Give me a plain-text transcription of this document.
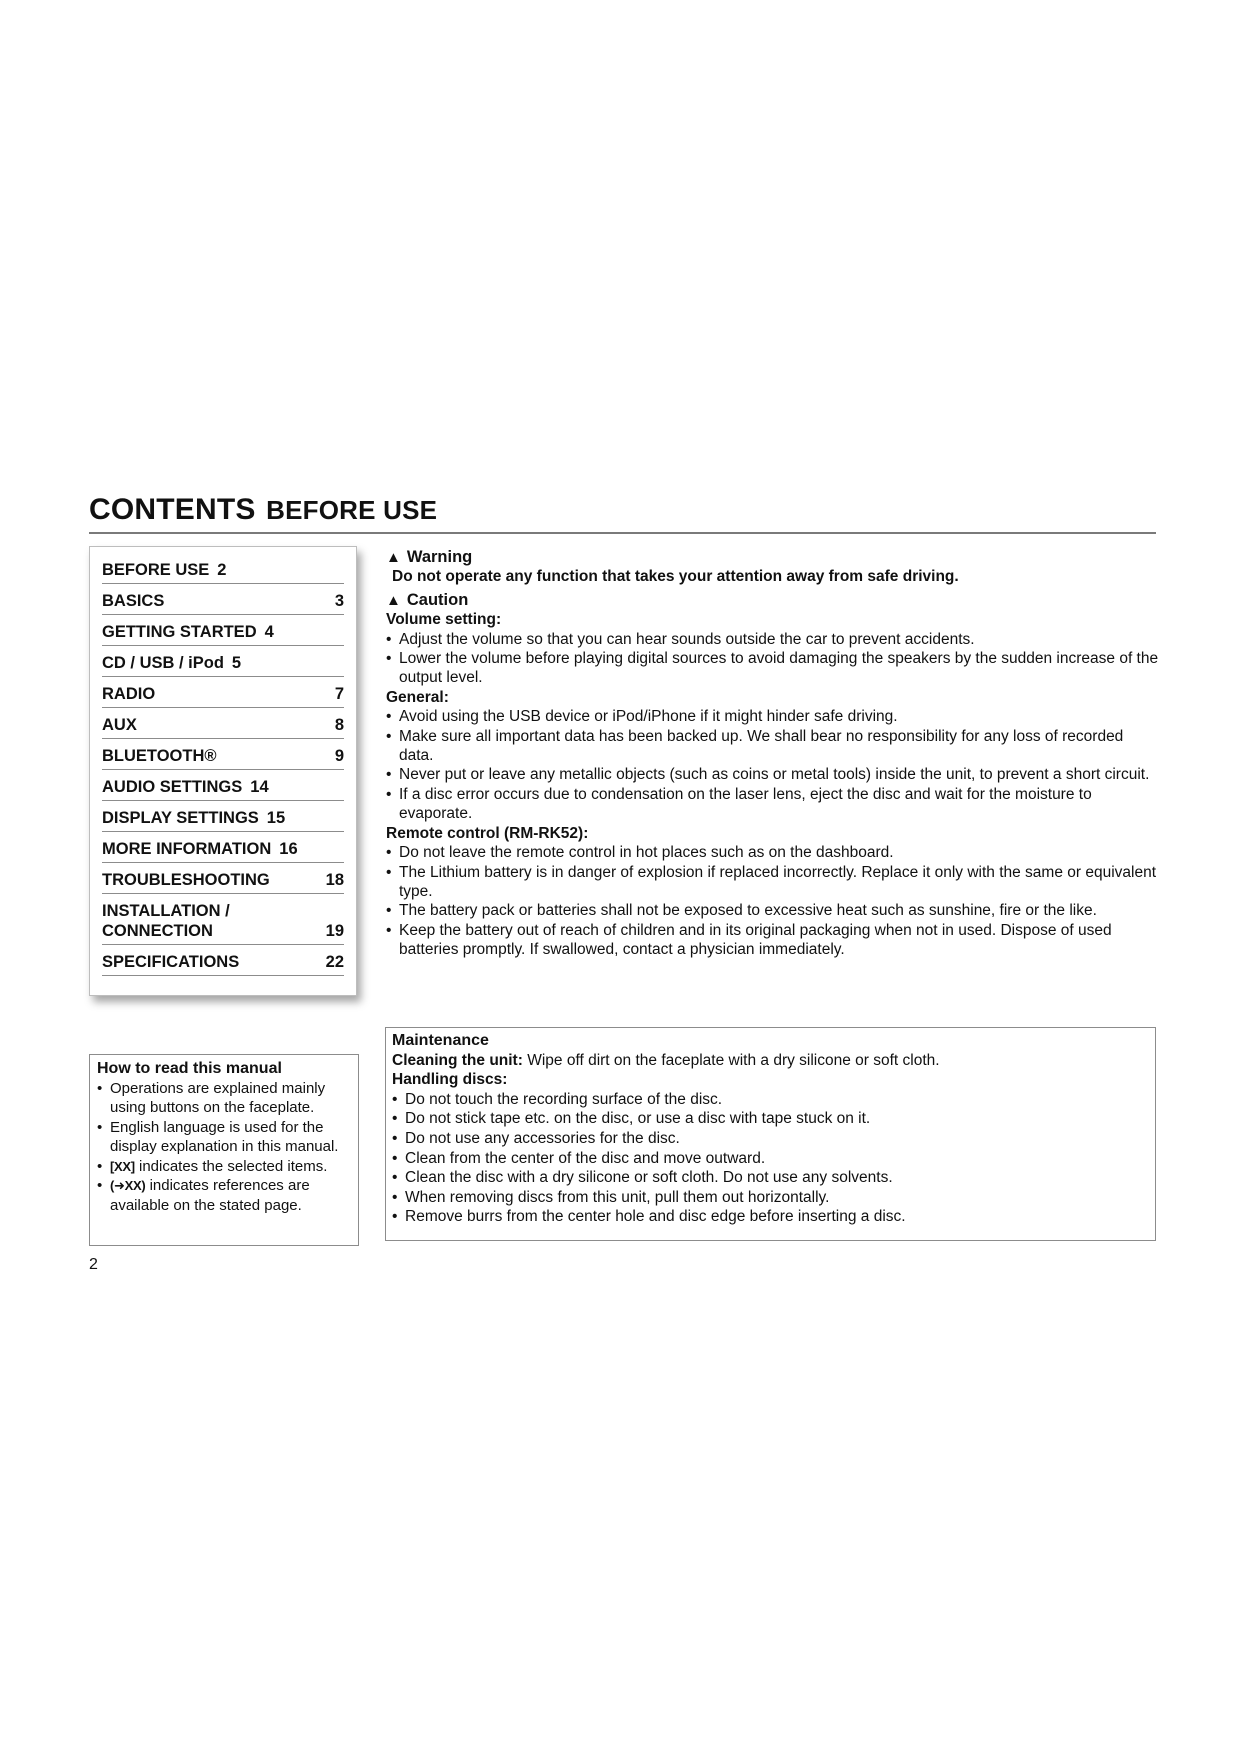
CONTENTS BEFORE USE
BEFORE USE 2
BASICS	3
GETTING STARTED 4
CD / USB / iPod 5
RADIO	7
AUX	8
BLUETOOTH®	9
AUDIO SETTINGS 14
DISPLAY SETTINGS 15
MORE INFORMATION 16
TROUBLESHOOTING	18
INSTALLATION /
CONNECTION	19
SPECIFICATIONS	22
▲ Warning
Do not operate any function that takes your attention away from safe driving.
▲ Caution
Volume setting:
• Adjust the volume so that you can hear sounds outside the car to prevent accidents.
• Lower the volume before playing digital sources to avoid damaging the speakers by the sudden increase of the output level.
General:
• Avoid using the USB device or iPod/iPhone if it might hinder safe driving.
• Make sure all important data has been backed up. We shall bear no responsibility for any loss of recorded data.
• Never put or leave any metallic objects (such as coins or metal tools) inside the unit, to prevent a short circuit.
• If a disc error occurs due to condensation on the laser lens, eject the disc and wait for the moisture to evaporate.
Remote control (RM-RK52):
• Do not leave the remote control in hot places such as on the dashboard.
• The Lithium battery is in danger of explosion if replaced incorrectly. Replace it only with the same or equivalent type.
• The battery pack or batteries shall not be exposed to excessive heat such as sunshine, fire or the like.
• Keep the battery out of reach of children and in its original packaging when not in used. Dispose of used batteries promptly. If swallowed, contact a physician immediately.
How to read this manual
• Operations are explained mainly using buttons on the faceplate.
• English language is used for the display explanation in this manual.
• [XX] indicates the selected items.
• (➜XX) indicates references are available on the stated page.
Maintenance
Cleaning the unit: Wipe off dirt on the faceplate with a dry silicone or soft cloth.
Handling discs:
• Do not touch the recording surface of the disc.
• Do not stick tape etc. on the disc, or use a disc with tape stuck on it.
• Do not use any accessories for the disc.
• Clean from the center of the disc and move outward.
• Clean the disc with a dry silicone or soft cloth. Do not use any solvents.
• When removing discs from this unit, pull them out horizontally.
• Remove burrs from the center hole and disc edge before inserting a disc.
2
